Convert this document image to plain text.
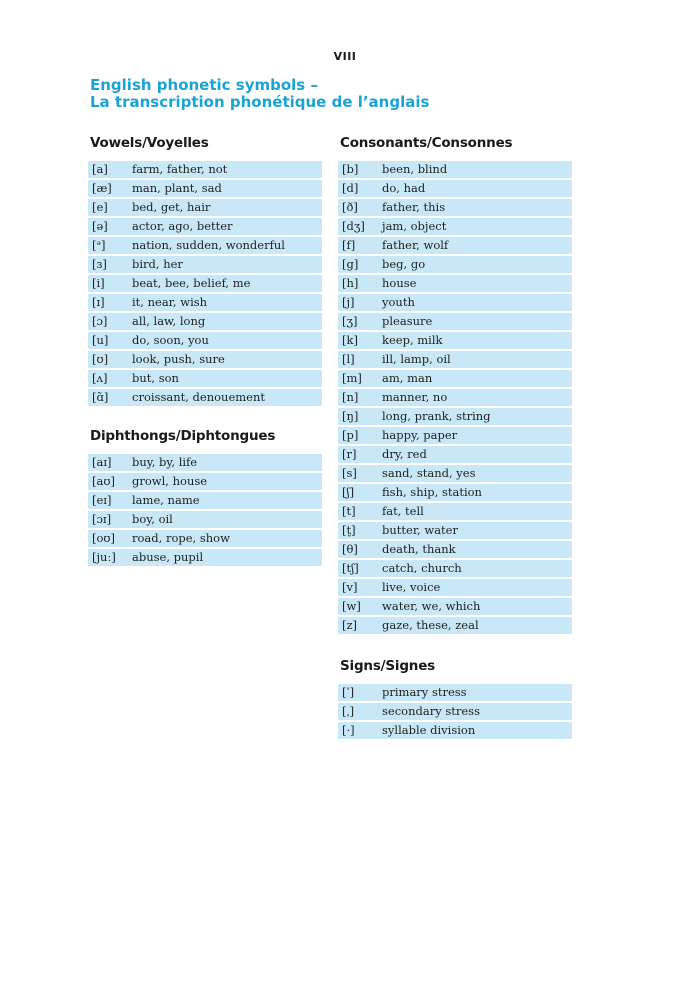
VIII
English phonetic symbols –
La transcription phonétique de l’anglais
Vowels/Voyelles
[a]	farm, father, not
[æ]	man, plant, sad
[e]	bed, get, hair
[ə]	actor, ago, better
[ᵊ]	nation, sudden, wonderful
[ɜ]	bird, her
[i]	beat, bee, belief, me
[ɪ]	it, near, wish
[ɔ]	all, law, long
[u]	do, soon, you
[ʊ]	look, push, sure
[ʌ]	but, son
[ɑ̃]	croissant, denouement
Diphthongs/Diphtongues
[aɪ]	buy, by, life
[aʊ]	growl, house
[eɪ]	lame, name
[ɔɪ]	boy, oil
[oʊ]	road, rope, show
[juː]	abuse, pupil
Consonants/Consonnes
[b]	been, blind
[d]	do, had
[ð]	father, this
[dʒ]	jam, object
[f]	father, wolf
[g]	beg, go
[h]	house
[j]	youth
[ʒ]	pleasure
[k]	keep, milk
[l]	ill, lamp, oil
[m]	am, man
[n]	manner, no
[ŋ]	long, prank, string
[p]	happy, paper
[r]	dry, red
[s]	sand, stand, yes
[ʃ]	fish, ship, station
[t]	fat, tell
[t̬]	butter, water
[θ]	death, thank
[tʃ]	catch, church
[v]	live, voice
[w]	water, we, which
[z]	gaze, these, zeal
Signs/Signes
[ˈ]	primary stress
[ˌ]	secondary stress
[·]	syllable division
